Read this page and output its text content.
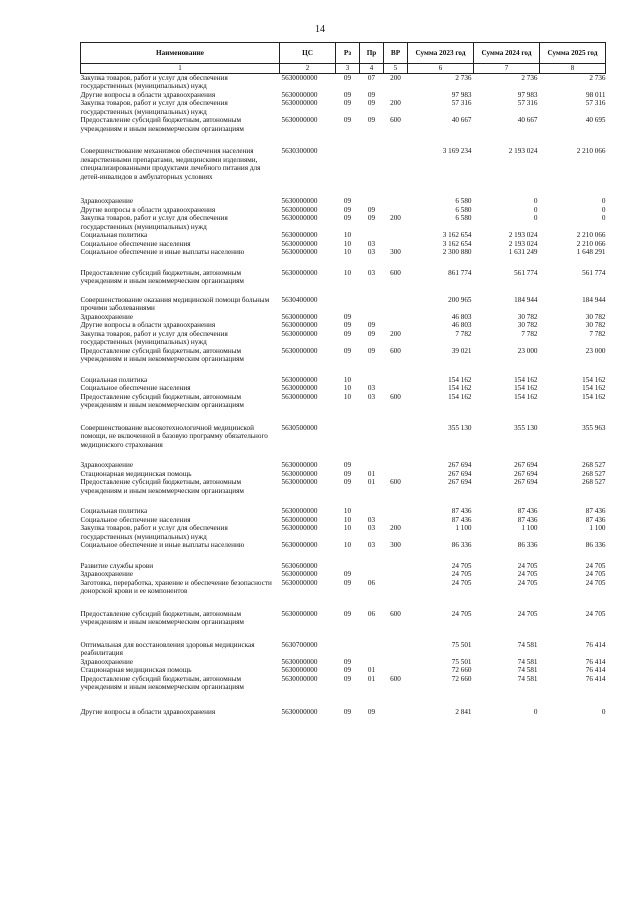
14
Наименование	ЦС	Рз	Пр	ВР	Сумма 2023 год	Сумма 2024 год	Сумма 2025 год
1	2	3	4	5	6	7	8
Закупка товаров, работ и услуг для обеспечения государственных (муниципальных) нужд	5630000000	09	07	200	2 736	2 736	2 736
Другие вопросы в области здравоохранения	5630000000	09	09		97 983	97 983	98 011
Закупка товаров, работ и услуг для обеспечения государственных (муниципальных) нужд	5630000000	09	09	200	57 316	57 316	57 316
Предоставление субсидий бюджетным, автономным учреждениям и иным некоммерческим организациям	5630000000	09	09	600	40 667	40 667	40 695

Совершенствование механизмов обеспечения населения лекарственными препаратами, медицинскими изделиями, специализированными продуктами лечебного питания для детей-инвалидов в амбулаторных условиях	5630300000				3 169 234	2 193 024	2 210 066

Здравоохранение	5630000000	09			6 580	0	0
Другие вопросы в области здравоохранения	5630000000	09	09		6 580	0	0
Закупка товаров, работ и услуг для обеспечения государственных (муниципальных) нужд	5630000000	09	09	200	6 580	0	0
Социальная политика	5630000000	10			3 162 654	2 193 024	2 210 066
Социальное обеспечение населения	5630000000	10	03		3 162 654	2 193 024	2 210 066
Социальное обеспечение и иные выплаты населению	5630000000	10	03	300	2 300 880	1 631 249	1 648 291

Предоставление субсидий бюджетным, автономным учреждениям и иным некоммерческим организациям	5630000000	10	03	600	861 774	561 774	561 774

Совершенствование оказания медицинской помощи больным прочими заболеваниями	5630400000				200 965	184 944	184 944
Здравоохранение	5630000000	09			46 803	30 782	30 782
Другие вопросы в области здравоохранения	5630000000	09	09		46 803	30 782	30 782
Закупка товаров, работ и услуг для обеспечения государственных (муниципальных) нужд	5630000000	09	09	200	7 782	7 782	7 782
Предоставление субсидий бюджетным, автономным учреждениям и иным некоммерческим организациям	5630000000	09	09	600	39 021	23 000	23 000

Социальная политика	5630000000	10			154 162	154 162	154 162
Социальное обеспечение населения	5630000000	10	03		154 162	154 162	154 162
Предоставление субсидий бюджетным, автономным учреждениям и иным некоммерческим организациям	5630000000	10	03	600	154 162	154 162	154 162

Совершенствование высокотехнологичной медицинской помощи, не включенной в базовую программу обязательного медицинского страхования	5630500000				355 130	355 130	355 963

Здравоохранение	5630000000	09			267 694	267 694	268 527
Стационарная медицинская помощь	5630000000	09	01		267 694	267 694	268 527
Предоставление субсидий бюджетным, автономным учреждениям и иным некоммерческим организациям	5630000000	09	01	600	267 694	267 694	268 527

Социальная политика	5630000000	10			87 436	87 436	87 436
Социальное обеспечение населения	5630000000	10	03		87 436	87 436	87 436
Закупка товаров, работ и услуг для обеспечения государственных (муниципальных) нужд	5630000000	10	03	200	1 100	1 100	1 100
Социальное обеспечение и иные выплаты населению	5630000000	10	03	300	86 336	86 336	86 336

Развитие службы крови	5630600000				24 705	24 705	24 705
Здравоохранение	5630000000	09			24 705	24 705	24 705
Заготовка, переработка, хранение и обеспечение безопасности донорской крови и ее компонентов	5630000000	09	06		24 705	24 705	24 705

Предоставление субсидий бюджетным, автономным учреждениям и иным некоммерческим организациям	5630000000	09	06	600	24 705	24 705	24 705

Оптимальная для восстановления здоровья медицинская реабилитация	5630700000				75 501	74 581	76 414
Здравоохранение	5630000000	09			75 501	74 581	76 414
Стационарная медицинская помощь	5630000000	09	01		72 660	74 581	76 414
Предоставление субсидий бюджетным, автономным учреждениям и иным некоммерческим организациям	5630000000	09	01	600	72 660	74 581	76 414

Другие вопросы в области здравоохранения	5630000000	09	09		2 841	0	0
